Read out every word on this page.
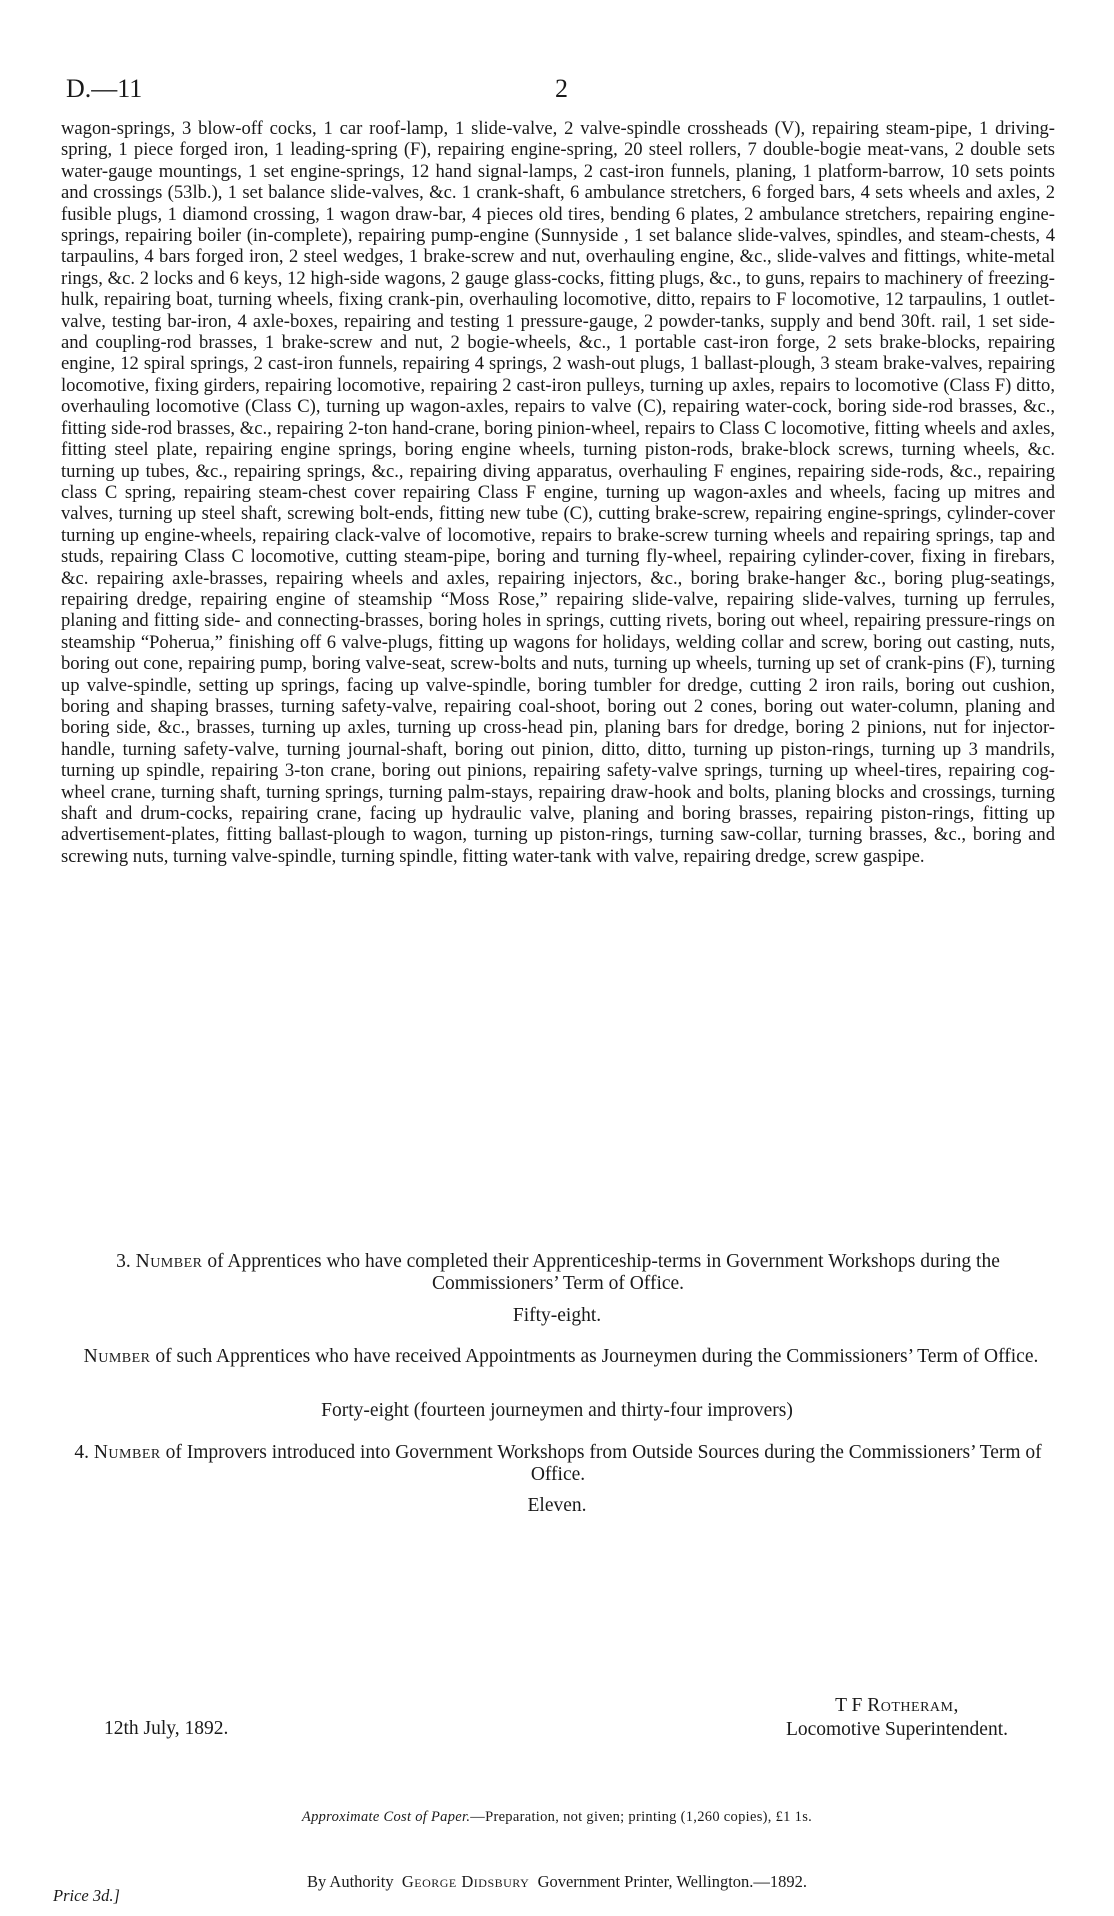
D.—11	2
wagon-springs, 3 blow-off cocks, 1 car roof-lamp, 1 slide-valve, 2 valve-spindle crossheads (V), repairing steam-pipe, 1 driving-spring, 1 piece forged iron, 1 leading-spring (F), repairing engine-spring, 20 steel rollers, 7 double-bogie meat-vans, 2 double sets water-gauge mountings, 1 set engine-springs, 12 hand signal-lamps, 2 cast-iron funnels, planing, 1 platform-barrow, 10 sets points and crossings (53lb.), 1 set balance slide-valves, &c. 1 crank-shaft, 6 ambulance stretchers, 6 forged bars, 4 sets wheels and axles, 2 fusible plugs, 1 diamond crossing, 1 wagon draw-bar, 4 pieces old tires, bending 6 plates, 2 ambulance stretchers, repairing engine-springs, repairing boiler (in-complete), repairing pump-engine (Sunnyside , 1 set balance slide-valves, spindles, and steam-chests, 4 tarpaulins, 4 bars forged iron, 2 steel wedges, 1 brake-screw and nut, overhauling engine, &c., slide-valves and fittings, white-metal rings, &c. 2 locks and 6 keys, 12 high-side wagons, 2 gauge glass-cocks, fitting plugs, &c., to guns, repairs to machinery of freezing-hulk, repairing boat, turning wheels, fixing crank-pin, overhauling locomotive, ditto, repairs to F locomotive, 12 tarpaulins, 1 outlet-valve, testing bar-iron, 4 axle-boxes, repairing and testing 1 pressure-gauge, 2 powder-tanks, supply and bend 30ft. rail, 1 set side- and coupling-rod brasses, 1 brake-screw and nut, 2 bogie-wheels, &c., 1 portable cast-iron forge, 2 sets brake-blocks, repairing engine, 12 spiral springs, 2 cast-iron funnels, repairing 4 springs, 2 wash-out plugs, 1 ballast-plough, 3 steam brake-valves, repairing locomotive, fixing girders, repairing locomotive, repairing 2 cast-iron pulleys, turning up axles, repairs to locomotive (Class F) ditto, overhauling locomotive (Class C), turning up wagon-axles, repairs to valve (C), repairing water-cock, boring side-rod brasses, &c., fitting side-rod brasses, &c., repairing 2-ton hand-crane, boring pinion-wheel, repairs to Class C locomotive, fitting wheels and axles, fitting steel plate, repairing engine springs, boring engine wheels, turning piston-rods, brake-block screws, turning wheels, &c. turning up tubes, &c., repairing springs, &c., repairing diving apparatus, overhauling F engines, repairing side-rods, &c., repairing class C spring, repairing steam-chest cover repairing Class F engine, turning up wagon-axles and wheels, facing up mitres and valves, turning up steel shaft, screwing bolt-ends, fitting new tube (C), cutting brake-screw, repairing engine-springs, cylinder-cover turning up engine-wheels, repairing clack-valve of locomotive, repairs to brake-screw turning wheels and repairing springs, tap and studs, repairing Class C locomotive, cutting steam-pipe, boring and turning fly-wheel, repairing cylinder-cover, fixing in firebars, &c. repairing axle-brasses, repairing wheels and axles, repairing injectors, &c., boring brake-hanger &c., boring plug-seatings, repairing dredge, repairing engine of steamship “Moss Rose,” repairing slide-valve, repairing slide-valves, turning up ferrules, planing and fitting side- and connecting-brasses, boring holes in springs, cutting rivets, boring out wheel, repairing pressure-rings on steamship “Poherua,” finishing off 6 valve-plugs, fitting up wagons for holidays, welding collar and screw, boring out casting, nuts, boring out cone, repairing pump, boring valve-seat, screw-bolts and nuts, turning up wheels, turning up set of crank-pins (F), turning up valve-spindle, setting up springs, facing up valve-spindle, boring tumbler for dredge, cutting 2 iron rails, boring out cushion, boring and shaping brasses, turning safety-valve, repairing coal-shoot, boring out 2 cones, boring out water-column, planing and boring side, &c., brasses, turning up axles, turning up cross-head pin, planing bars for dredge, boring 2 pinions, nut for injector-handle, turning safety-valve, turning journal-shaft, boring out pinion, ditto, ditto, turning up piston-rings, turning up 3 mandrils, turning up spindle, repairing 3-ton crane, boring out pinions, repairing safety-valve springs, turning up wheel-tires, repairing cog-wheel crane, turning shaft, turning springs, turning palm-stays, repairing draw-hook and bolts, planing blocks and crossings, turning shaft and drum-cocks, repairing crane, facing up hydraulic valve, planing and boring brasses, repairing piston-rings, fitting up advertisement-plates, fitting ballast-plough to wagon, turning up piston-rings, turning saw-collar, turning brasses, &c., boring and screwing nuts, turning valve-spindle, turning spindle, fitting water-tank with valve, repairing dredge, screw gaspipe.
3. Number of Apprentices who have completed their Apprenticeship-terms in Government Workshops during the Commissioners’ Term of Office.
Fifty-eight.
Number of such Apprentices who have received Appointments as Journeymen during the Commissioners’ Term of Office.
Forty-eight (fourteen journeymen and thirty-four improvers)
4. Number of Improvers introduced into Government Workshops from Outside Sources during the Commissioners’ Term of Office.
Eleven.
12th July, 1892.
T F Rotheram,
Locomotive Superintendent.
Approximate Cost of Paper.—Preparation, not given; printing (1,260 copies), £1 1s.
By Authority  George Didsbury  Government Printer, Wellington.—1892.
Price 3d.]
